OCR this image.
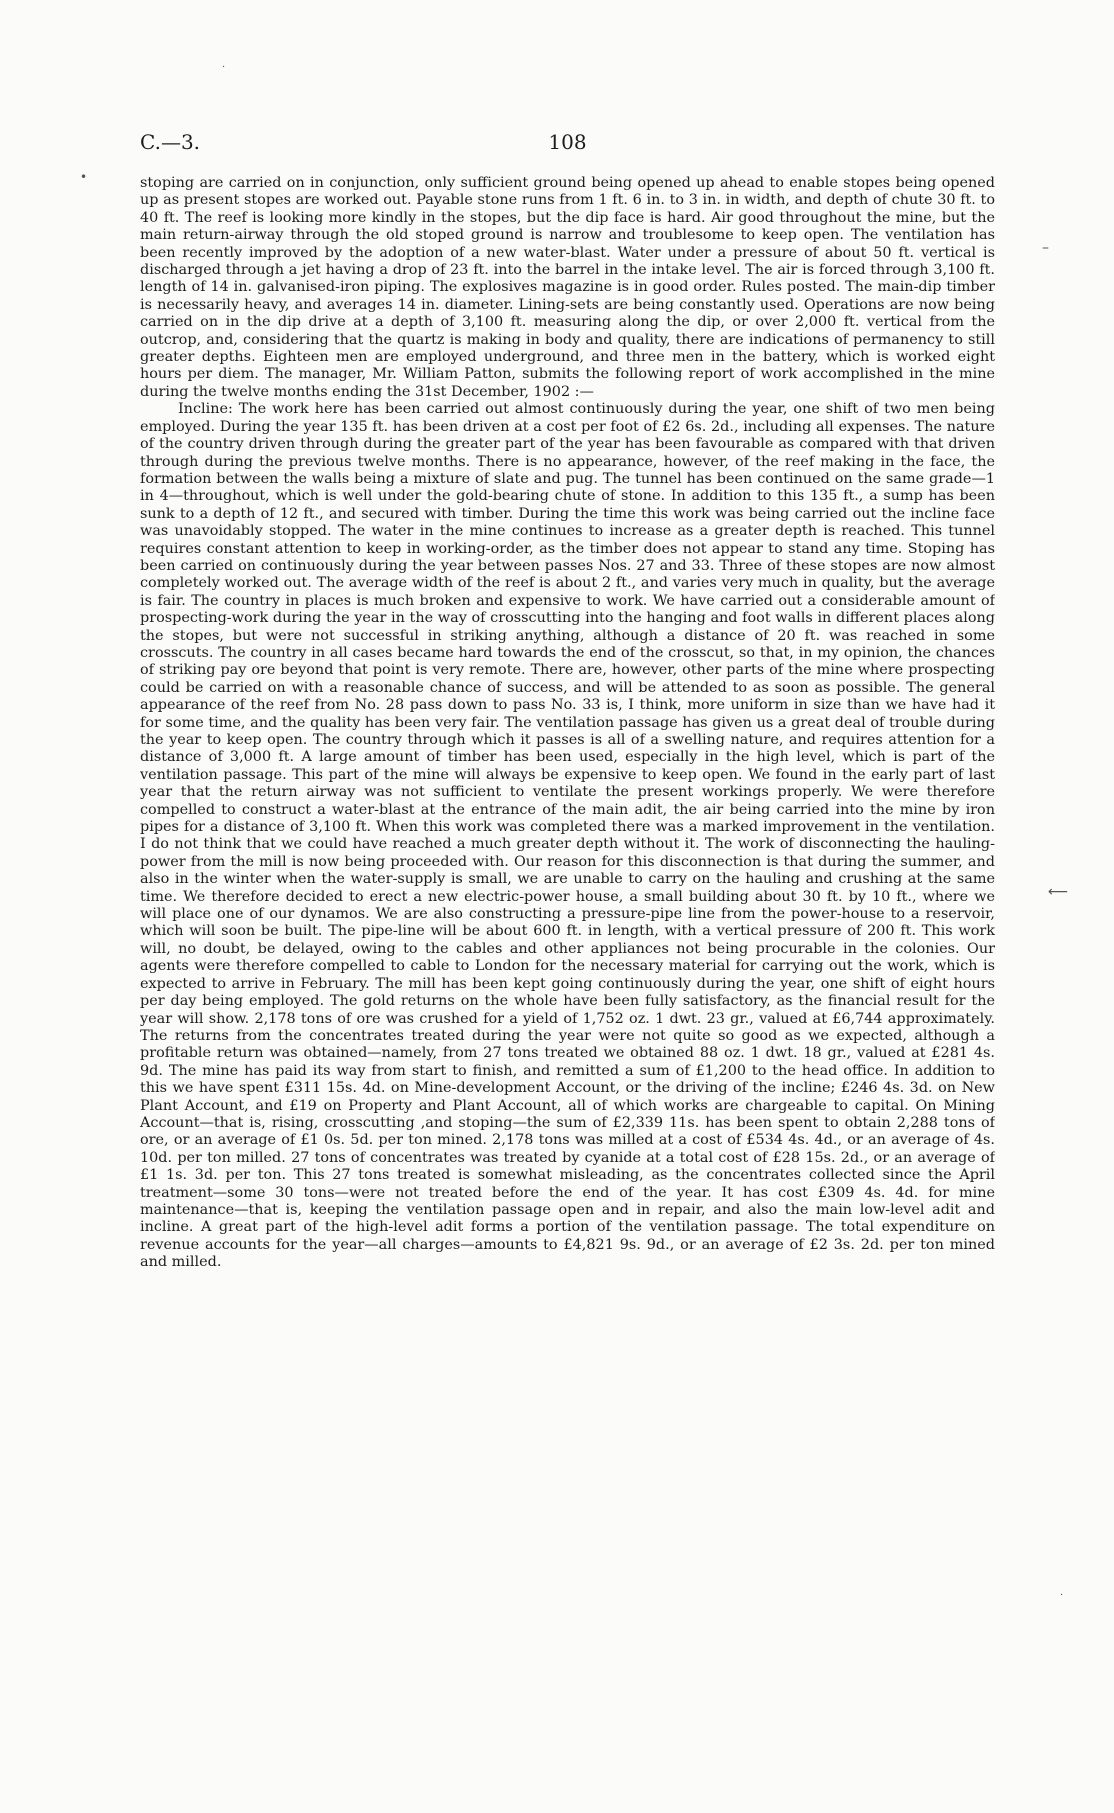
C.—3.	108

stoping are carried on in conjunction, only sufficient ground being opened up ahead to enable stopes being opened up as present stopes are worked out. Payable stone runs from 1 ft. 6 in. to 3 in. in width, and depth of chute 30 ft. to 40 ft. The reef is looking more kindly in the stopes, but the dip face is hard. Air good throughout the mine, but the main return-airway through the old stoped ground is narrow and troublesome to keep open. The ventilation has been recently improved by the adoption of a new water-blast. Water under a pressure of about 50 ft. vertical is discharged through a jet having a drop of 23 ft. into the barrel in the intake level. The air is forced through 3,100 ft. length of 14 in. galvanised-iron piping. The explosives magazine is in good order. Rules posted. The main-dip timber is necessarily heavy, and averages 14 in. diameter. Lining-sets are being constantly used. Operations are now being carried on in the dip drive at a depth of 3,100 ft. measuring along the dip, or over 2,000 ft. vertical from the outcrop, and, considering that the quartz is making in body and quality, there are indications of permanency to still greater depths. Eighteen men are employed underground, and three men in the battery, which is worked eight hours per diem. The manager, Mr. William Patton, submits the following report of work accomplished in the mine during the twelve months ending the 31st December, 1902 :—

Incline: The work here has been carried out almost continuously during the year, one shift of two men being employed. During the year 135 ft. has been driven at a cost per foot of £2 6s. 2d., including all expenses. The nature of the country driven through during the greater part of the year has been favourable as compared with that driven through during the previous twelve months. There is no appearance, however, of the reef making in the face, the formation between the walls being a mixture of slate and pug. The tunnel has been continued on the same grade—1 in 4—throughout, which is well under the gold-bearing chute of stone. In addition to this 135 ft., a sump has been sunk to a depth of 12 ft., and secured with timber. During the time this work was being carried out the incline face was unavoidably stopped. The water in the mine continues to increase as a greater depth is reached. This tunnel requires constant attention to keep in working-order, as the timber does not appear to stand any time. Stoping has been carried on continuously during the year between passes Nos. 27 and 33. Three of these stopes are now almost completely worked out. The average width of the reef is about 2 ft., and varies very much in quality, but the average is fair. The country in places is much broken and expensive to work. We have carried out a considerable amount of prospecting-work during the year in the way of crosscutting into the hanging and foot walls in different places along the stopes, but were not successful in striking anything, although a distance of 20 ft. was reached in some crosscuts. The country in all cases became hard towards the end of the crosscut, so that, in my opinion, the chances of striking pay ore beyond that point is very remote. There are, however, other parts of the mine where prospecting could be carried on with a reasonable chance of success, and will be attended to as soon as possible. The general appearance of the reef from No. 28 pass down to pass No. 33 is, I think, more uniform in size than we have had it for some time, and the quality has been very fair. The ventilation passage has given us a great deal of trouble during the year to keep open. The country through which it passes is all of a swelling nature, and requires attention for a distance of 3,000 ft. A large amount of timber has been used, especially in the high level, which is part of the ventilation passage. This part of the mine will always be expensive to keep open. We found in the early part of last year that the return airway was not sufficient to ventilate the present workings properly. We were therefore compelled to construct a water-blast at the entrance of the main adit, the air being carried into the mine by iron pipes for a distance of 3,100 ft. When this work was completed there was a marked improvement in the ventilation. I do not think that we could have reached a much greater depth without it. The work of disconnecting the hauling-power from the mill is now being proceeded with. Our reason for this disconnection is that during the summer, and also in the winter when the water-supply is small, we are unable to carry on the hauling and crushing at the same time. We therefore decided to erect a new electric-power house, a small building about 30 ft. by 10 ft., where we will place one of our dynamos. We are also constructing a pressure-pipe line from the power-house to a reservoir, which will soon be built. The pipe-line will be about 600 ft. in length, with a vertical pressure of 200 ft. This work will, no doubt, be delayed, owing to the cables and other appliances not being procurable in the colonies. Our agents were therefore compelled to cable to London for the necessary material for carrying out the work, which is expected to arrive in February. The mill has been kept going continuously during the year, one shift of eight hours per day being employed. The gold returns on the whole have been fully satisfactory, as the financial result for the year will show. 2,178 tons of ore was crushed for a yield of 1,752 oz. 1 dwt. 23 gr., valued at £6,744 approximately. The returns from the concentrates treated during the year were not quite so good as we expected, although a profitable return was obtained—namely, from 27 tons treated we obtained 88 oz. 1 dwt. 18 gr., valued at £281 4s. 9d. The mine has paid its way from start to finish, and remitted a sum of £1,200 to the head office. In addition to this we have spent £311 15s. 4d. on Mine-development Account, or the driving of the incline; £246 4s. 3d. on New Plant Account, and £19 on Property and Plant Account, all of which works are chargeable to capital. On Mining Account—that is, rising, crosscutting ,and stoping—the sum of £2,339 11s. has been spent to obtain 2,288 tons of ore, or an average of £1 0s. 5d. per ton mined. 2,178 tons was milled at a cost of £534 4s. 4d., or an average of 4s. 10d. per ton milled. 27 tons of concentrates was treated by cyanide at a total cost of £28 15s. 2d., or an average of £1 1s. 3d. per ton. This 27 tons treated is somewhat misleading, as the concentrates collected since the April treatment—some 30 tons—were not treated before the end of the year. It has cost £309 4s. 4d. for mine maintenance—that is, keeping the ventilation passage open and in repair, and also the main low-level adit and incline. A great part of the high-level adit forms a portion of the ventilation passage. The total expenditure on revenue accounts for the year—all charges—amounts to £4,821 9s. 9d., or an average of £2 3s. 2d. per ton mined and milled.

·
•
–
⟵
·
